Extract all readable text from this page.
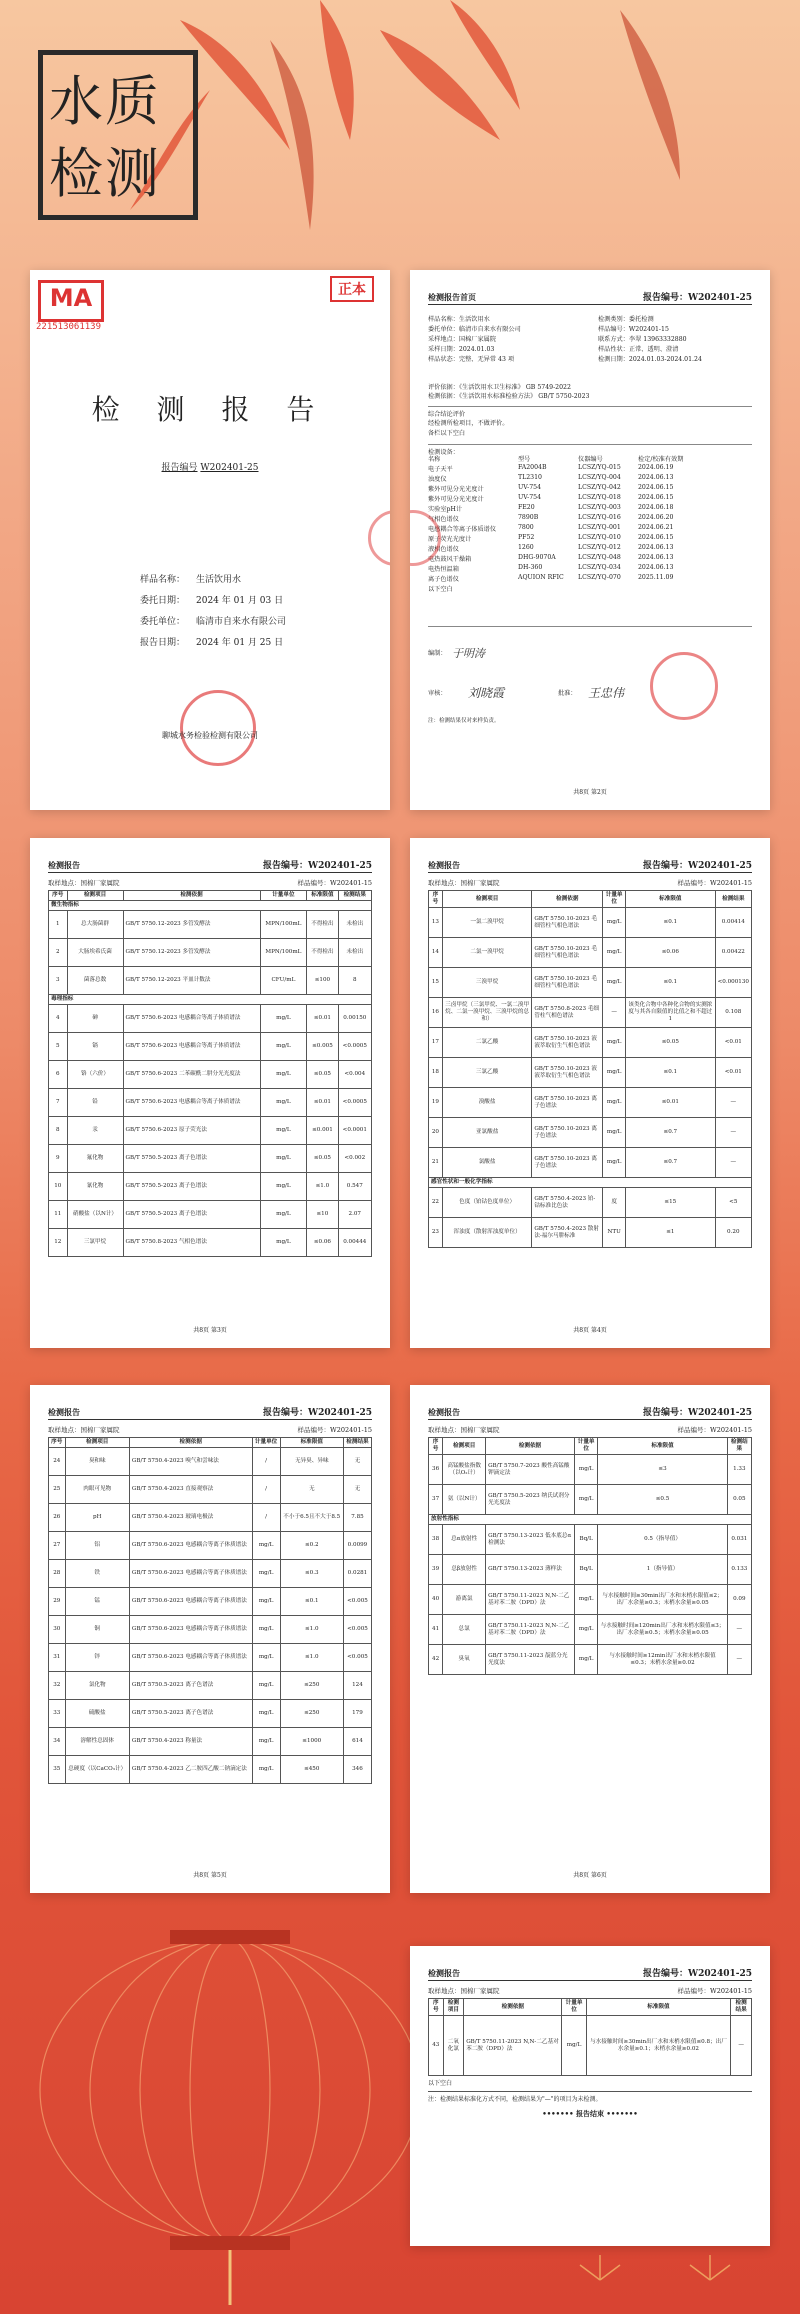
水质
检测
MA
221513061139
正本
检 测 报 告
报告编号 W202401-25
样品名称： 生活饮用水
委托日期： 2024 年 01 月 03 日
委托单位： 临清市自来水有限公司
报告日期： 2024 年 01 月 25 日
聊城水务检验检测有限公司
检测报告首页	报告编号：W202401-25
样品名称：生活饮用水	检测类别：委托检测
委托单位：临清市自来水有限公司	样品编号：W202401-15
采样地点：国棉厂家属院	联系方式：李翠 13963332880
采样日期：2024.01.03	样品性状：正常、透明、澄清
样品状态：完整、无异常 43 项	检测日期：2024.01.03-2024.01.24
评价依据：《生活饮用水卫生标准》 GB 5749-2022
检测依据：《生活饮用水标准检验方法》 GB/T 5750-2023
综合结论评价
经检测所检项目，不做评价。
备栏以下空白
检测设备：
名称	型号	仪器编号	检定/校准有效期
电子天平	FA2004B	LCSZ/YQ-015	2024.06.19
浊度仪	TL2310	LCSZ/YQ-004	2024.06.13
紫外可见分光光度计	UV-754	LCSZ/YQ-042	2024.06.15
紫外可见分光光度计	UV-754	LCSZ/YQ-018	2024.06.15
实验室pH计	FE20	LCSZ/YQ-003	2024.06.18
气相色谱仪	7890B	LCSZ/YQ-016	2024.06.20
电感耦合等离子体质谱仪	7800	LCSZ/YQ-001	2024.06.21
原子荧光光度计	PF52	LCSZ/YQ-010	2024.06.15
液相色谱仪	1260	LCSZ/YQ-012	2024.06.13
电热鼓风干燥箱	DHG-9070A	LCSZ/YQ-048	2024.06.13
电热恒温箱	DH-360	LCSZ/YQ-034	2024.06.13
离子色谱仪	AQUION RFIC LCSZ/YQ-070	2025.11.09
以下空白
编制： 于明涛
审核： 刘晓霞	批准： 王忠伟
注：检测结果仅对来样负责。
共8页 第2页
检测报告	报告编号：W202401-25
取样地点：国棉厂家属院	样品编号：W202401-15
序号	检测项目	检测依据	计量单位	标准限值	检测结果
微生物指标					
1	总大肠菌群	GB/T 5750.12-2023 多管发酵法	MPN/100mL	不得检出	未检出
2	大肠埃希氏菌	GB/T 5750.12-2023 多管发酵法	MPN/100mL	不得检出	未检出
3	菌落总数	GB/T 5750.12-2023 平皿计数法	CFU/mL	≤100	8
毒理指标					
4	砷	GB/T 5750.6-2023 电感耦合等离子体质谱法	mg/L	≤0.01	0.00150
5	镉	GB/T 5750.6-2023 电感耦合等离子体质谱法	mg/L	≤0.005	<0.0005
6	铬（六价）	GB/T 5750.6-2023 二苯碳酰二肼分光光度法	mg/L	≤0.05	<0.004
7	铅	GB/T 5750.6-2023 电感耦合等离子体质谱法	mg/L	≤0.01	<0.0005
8	汞	GB/T 5750.6-2023 原子荧光法	mg/L	≤0.001	<0.0001
9	氟化物	GB/T 5750.5-2023 离子色谱法	mg/L	≤0.05	<0.002
10	氰化物	GB/T 5750.5-2023 离子色谱法	mg/L	≤1.0	0.547
11	硝酸盐（以N计）	GB/T 5750.5-2023 离子色谱法	mg/L	≤10	2.07
12	三氯甲烷	GB/T 5750.8-2023 气相色谱法	mg/L	≤0.06	0.00444
共8页 第3页
检测报告	报告编号：W202401-25
取样地点：国棉厂家属院	样品编号：W202401-15
序号	检测项目	检测依据	计量单位	标准限值	检测结果
13	一氯二溴甲烷	GB/T 5750.10-2023 毛细管柱气相色谱法	mg/L	≤0.1	0.00414
14	二氯一溴甲烷	GB/T 5750.10-2023 毛细管柱气相色谱法	mg/L	≤0.06	0.00422
15	三溴甲烷	GB/T 5750.10-2023 毛细管柱气相色谱法	mg/L	≤0.1	<0.000130
16	三卤甲烷（三氯甲烷、一氯二溴甲烷、二氯一溴甲烷、三溴甲烷的总和）	GB/T 5750.8-2023 毛细管柱气相色谱法	—	该类化合物中各种化合物的实测浓度与其各自限值的比值之和不超过1	0.108
17	二氯乙酸	GB/T 5750.10-2023 液液萃取衍生气相色谱法	mg/L	≤0.05	<0.01
18	三氯乙酸	GB/T 5750.10-2023 液液萃取衍生气相色谱法	mg/L	≤0.1	<0.01
19	溴酸盐	GB/T 5750.10-2023 离子色谱法	mg/L	≤0.01	—
20	亚氯酸盐	GB/T 5750.10-2023 离子色谱法	mg/L	≤0.7	—
21	氯酸盐	GB/T 5750.10-2023 离子色谱法	mg/L	≤0.7	—
感官性状和一般化学指标					
22	色度（铂钴色度单位）	GB/T 5750.4-2023 铂-钴标准比色法	度	≤15	<5
23	浑浊度（散射浑浊度单位）	GB/T 5750.4-2023 散射法-福尔马肼标准	NTU	≤1	0.20
共8页 第4页
检测报告	报告编号：W202401-25
取样地点：国棉厂家属院	样品编号：W202401-15
序号	检测项目	检测依据	计量单位	标准限值	检测结果
24	臭和味	GB/T 5750.4-2023 嗅气和尝味法	/	无异臭、异味	无
25	肉眼可见物	GB/T 5750.4-2023 直接观察法	/	无	无
26	pH	GB/T 5750.4-2023 玻璃电极法	/	不小于6.5且不大于8.5	7.85
27	铝	GB/T 5750.6-2023 电感耦合等离子体质谱法	mg/L	≤0.2	0.0099
28	铁	GB/T 5750.6-2023 电感耦合等离子体质谱法	mg/L	≤0.3	0.0281
29	锰	GB/T 5750.6-2023 电感耦合等离子体质谱法	mg/L	≤0.1	<0.005
30	铜	GB/T 5750.6-2023 电感耦合等离子体质谱法	mg/L	≤1.0	<0.005
31	锌	GB/T 5750.6-2023 电感耦合等离子体质谱法	mg/L	≤1.0	<0.005
32	氯化物	GB/T 5750.5-2023 离子色谱法	mg/L	≤250	124
33	硫酸盐	GB/T 5750.5-2023 离子色谱法	mg/L	≤250	179
34	溶解性总固体	GB/T 5750.4-2023 称量法	mg/L	≤1000	614
35	总硬度（以CaCO₃计）	GB/T 5750.4-2023 乙二胺四乙酸二钠滴定法	mg/L	≤450	346
共8页 第5页
检测报告	报告编号：W202401-25
取样地点：国棉厂家属院	样品编号：W202401-15
序号	检测项目	检测依据	计量单位	标准限值	检测结果
36	高锰酸盐指数（以O₂计）	GB/T 5750.7-2023 酸性高锰酸钾滴定法	mg/L	≤3	1.33
37	氨（以N计）	GB/T 5750.5-2023 纳氏试剂分光光度法	mg/L	≤0.5	0.05
放射性指标					
38	总α放射性	GB/T 5750.13-2023 低本底总α检测法	Bq/L	0.5（指导值）	0.031
39	总β放射性	GB/T 5750.13-2023 薄样法	Bq/L	1（指导值）	0.133
40	游离氯	GB/T 5750.11-2023 N,N-二乙基对苯二胺（DPD）法	mg/L	与水接触时间≥30min出厂水和末梢水限值≤2；出厂水余量≥0.3；末梢水余量≥0.05	0.09
41	总氯	GB/T 5750.11-2023 N,N-二乙基对苯二胺（DPD）法	mg/L	与水接触时间≥120min出厂水和末梢水限值≤3；出厂水余量≥0.5；末梢水余量≥0.05	—
42	臭氧	GB/T 5750.11-2023 靛蓝分光光度法	mg/L	与水接触时间≥12min出厂水和末梢水限值≤0.3；末梢水余量≥0.02	—
共8页 第6页
检测报告	报告编号：W202401-25
取样地点：国棉厂家属院	样品编号：W202401-15
序号	检测项目	检测依据	计量单位	标准限值	检测结果
43	二氧化氯	GB/T 5750.11-2023 N,N-二乙基对苯二胺（DPD）法	mg/L	与水接触时间≥30min出厂水和末梢水限值≤0.8；出厂水余量≥0.1；末梢水余量≥0.02	—
以下空白
注：检测结果标准化方式不同，检测结果为"—"的项目为未检测。
••••••• 报告结束 •••••••
